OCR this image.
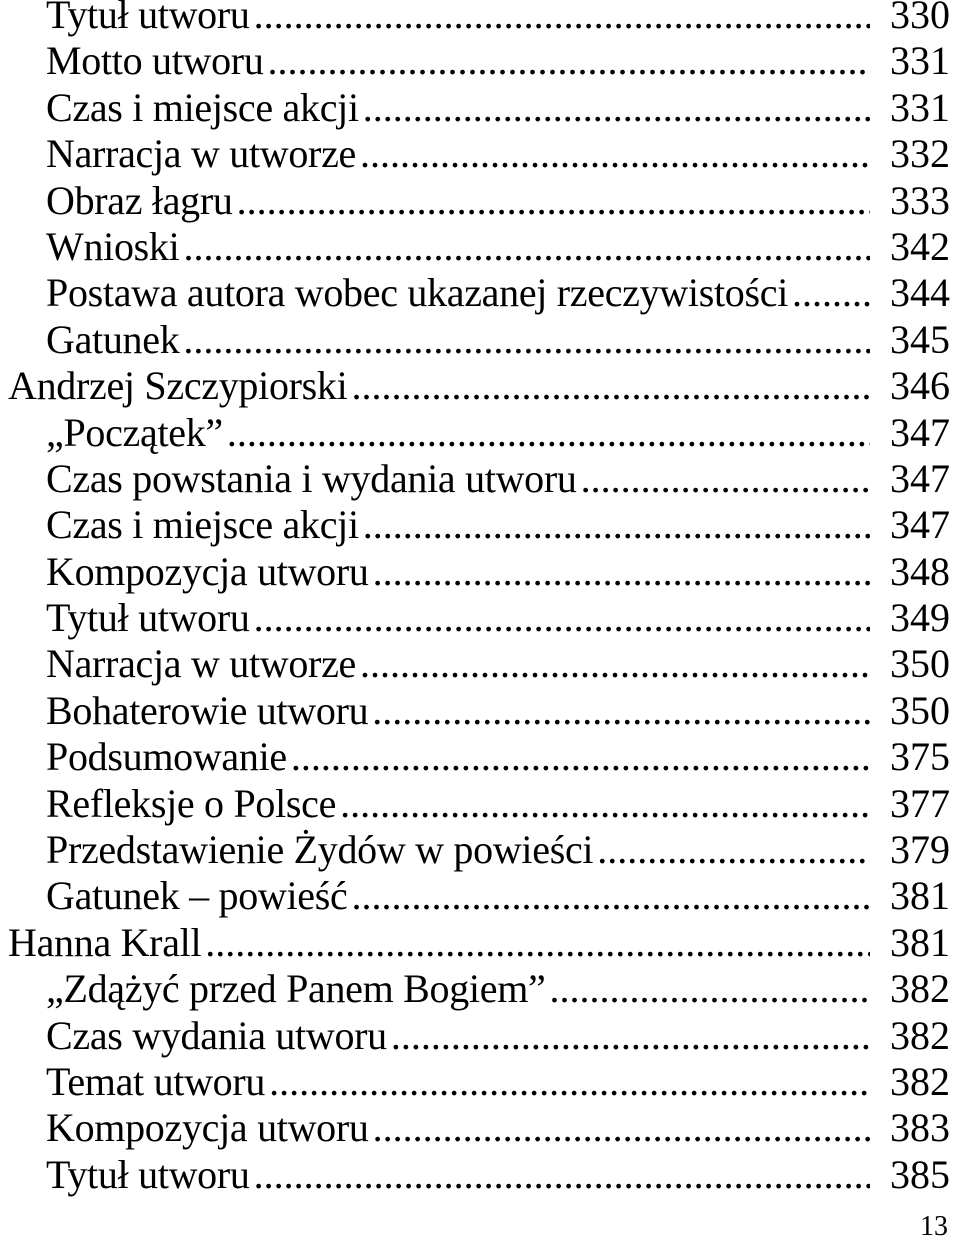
Tytuł utworu .....	330
Motto utworu .....	331
Czas i miejsce akcji .....	331
Narracja w utworze .....	332
Obraz łagru .....	333
Wnioski .....	342
Postawa autora wobec ukazanej rzeczywistości .....	344
Gatunek .....	345
Andrzej Szczypiorski .....	346
„Początek” .....	347
Czas powstania i wydania utworu .....	347
Czas i miejsce akcji .....	347
Kompozycja utworu .....	348
Tytuł utworu .....	349
Narracja w utworze .....	350
Bohaterowie utworu .....	350
Podsumowanie .....	375
Refleksje o Polsce .....	377
Przedstawienie Żydów w powieści .....	379
Gatunek – powieść .....	381
Hanna Krall .....	381
„Zdążyć przed Panem Bogiem” .....	382
Czas wydania utworu .....	382
Temat utworu .....	382
Kompozycja utworu .....	383
Tytuł utworu .....	385
13
